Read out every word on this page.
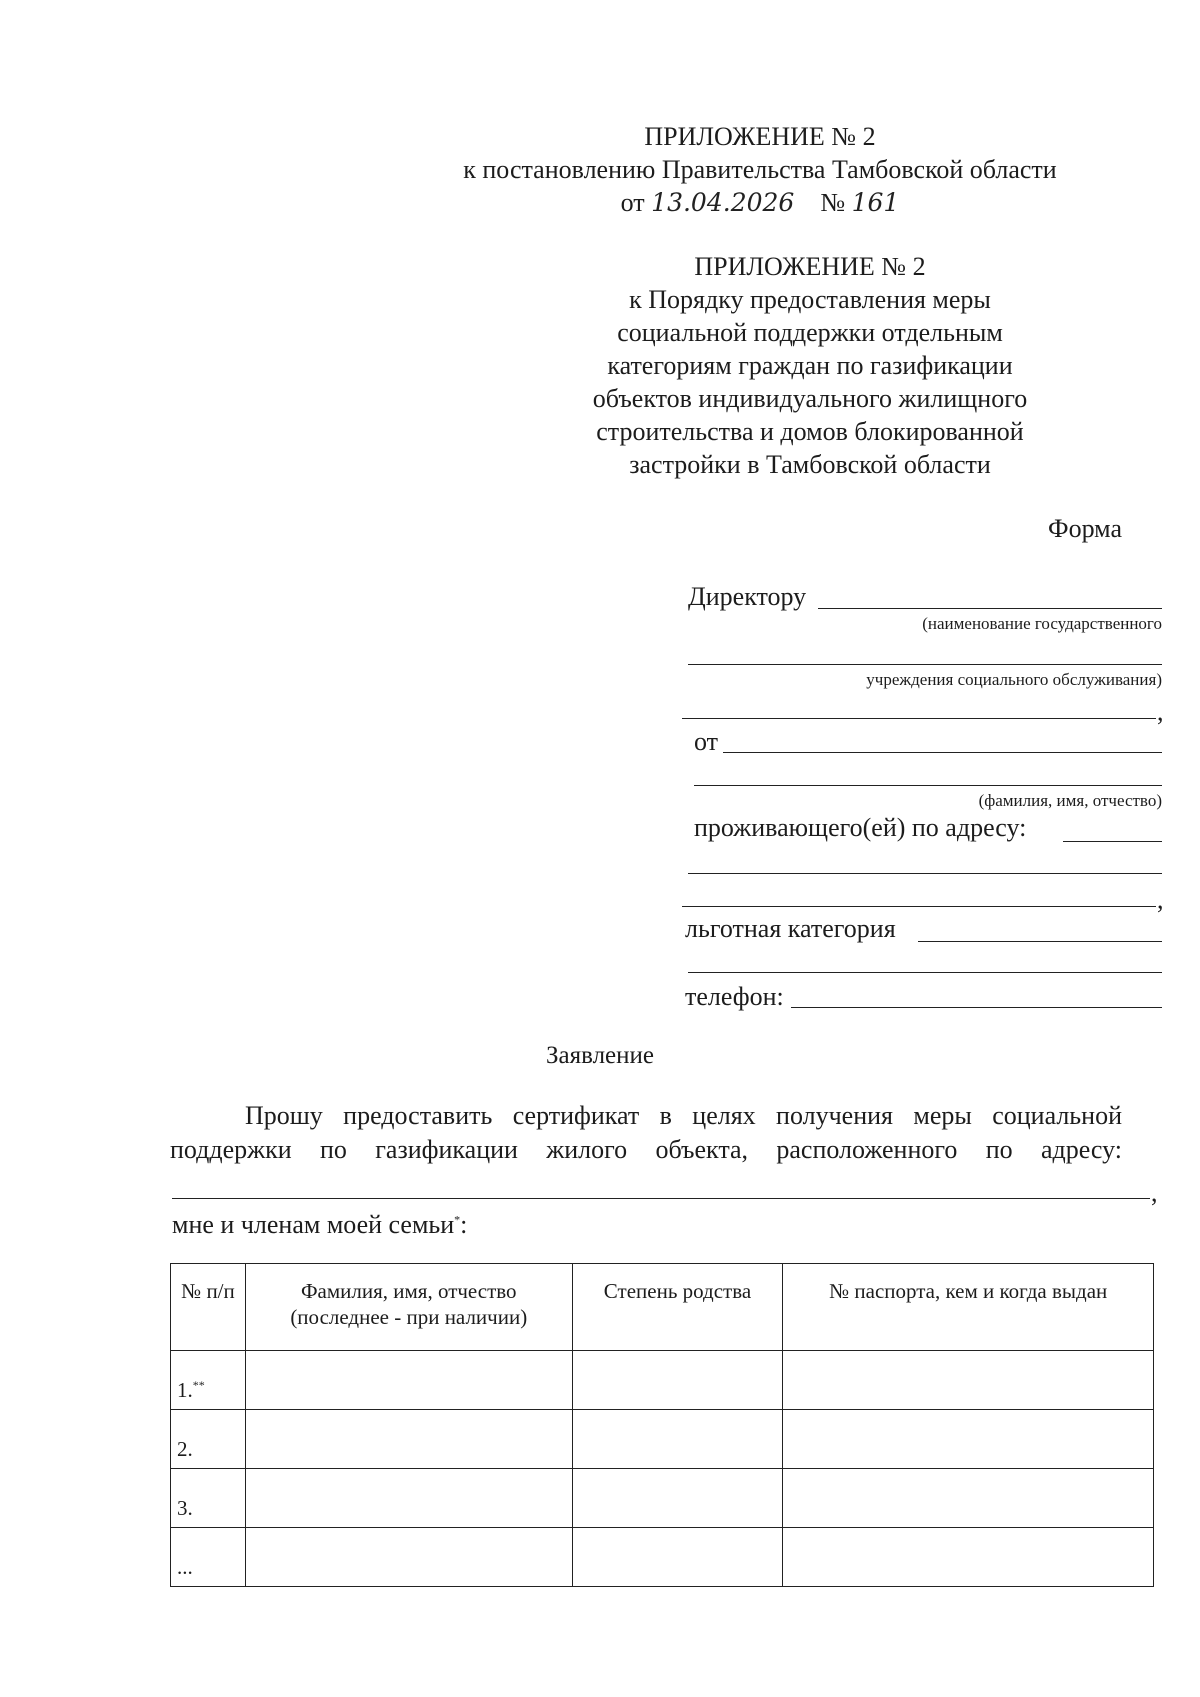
ПРИЛОЖЕНИЕ № 2
к постановлению Правительства Тамбовской области
от 13.04.2026 № 161
ПРИЛОЖЕНИЕ № 2
к Порядку предоставления меры
социальной поддержки отдельным
категориям граждан по газификации
объектов индивидуального жилищного
строительства и домов блокированной
застройки в Тамбовской области
Форма
Директору
(наименование государственного
учреждения социального обслуживания)
,
от
(фамилия, имя, отчество)
проживающего(ей) по адресу:
,
льготная категория
телефон:
Заявление
Прошу предоставить сертификат в целях получения меры социальной
поддержки по газификации жилого объекта, расположенного по адресу:
,
мне и членам моей семьи*:
№ п/п	Фамилия, имя, отчество (последнее - при наличии)	Степень родства	№ паспорта, кем и когда выдан
1.**			
2.			
3.			
...			
